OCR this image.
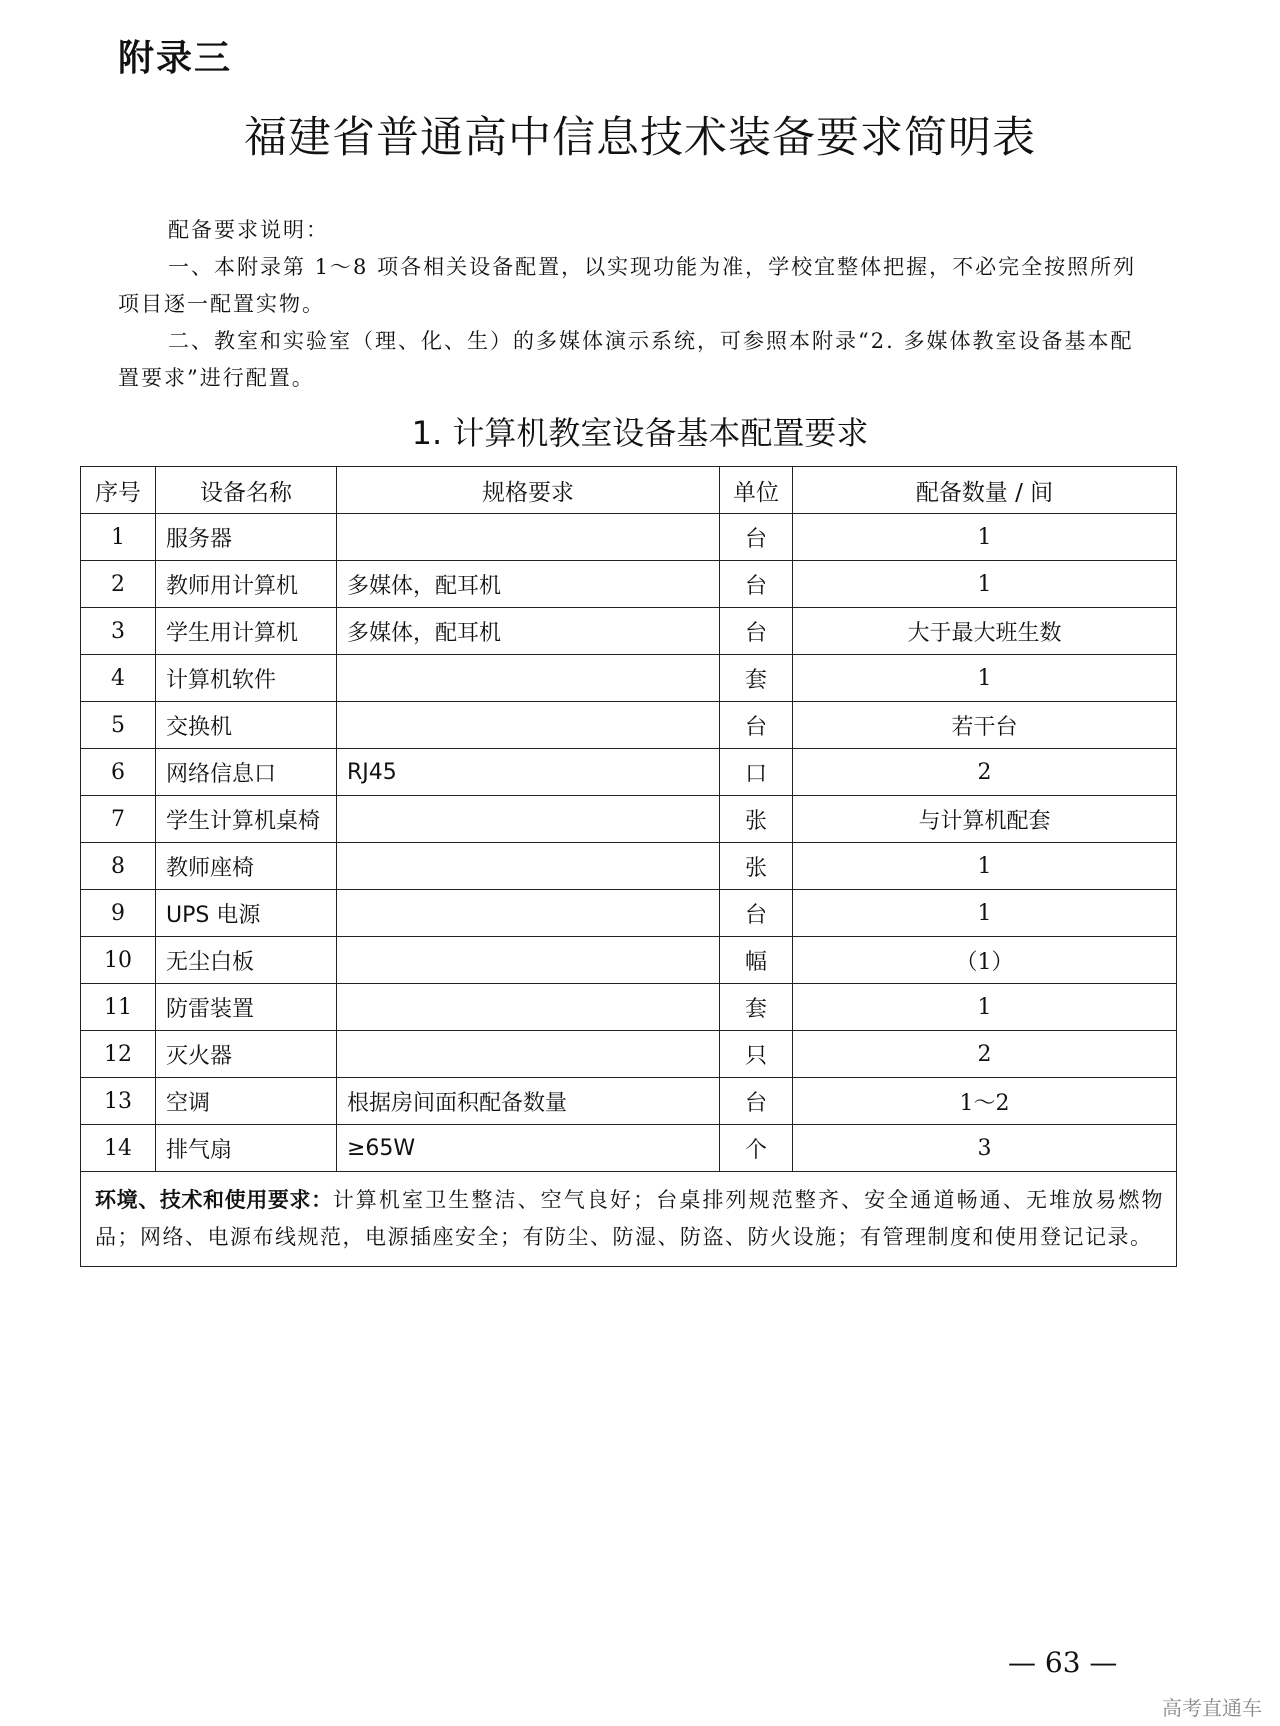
附录三
福建省普通高中信息技术装备要求简明表

配备要求说明：

一、本附录第 1～8 项各相关设备配置，以实现功能为准，学校宜整体把握，不必完全按照所列项目逐一配置实物。

二、教室和实验室（理、化、生）的多媒体演示系统，可参照本附录“2. 多媒体教室设备基本配置要求”进行配置。

1. 计算机教室设备基本配置要求
序号	设备名称	规格要求	单位	配备数量 / 间
1	服务器		台	1
2	教师用计算机	多媒体，配耳机	台	1
3	学生用计算机	多媒体，配耳机	台	大于最大班生数
4	计算机软件		套	1
5	交换机		台	若干台
6	网络信息口	RJ45	口	2
7	学生计算机桌椅		张	与计算机配套
8	教师座椅		张	1
9	UPS 电源		台	1
10	无尘白板		幅	（1）
11	防雷装置		套	1
12	灭火器		只	2
13	空调	根据房间面积配备数量	台	1～2
14	排气扇	≥65W	个	3
环境、技术和使用要求：计算机室卫生整洁、空气良好；台桌排列规范整齐、安全通道畅通、无堆放易燃物品；网络、电源布线规范，电源插座安全；有防尘、防湿、防盗、防火设施；有管理制度和使用登记记录。				
— 63 —
高考直通车
